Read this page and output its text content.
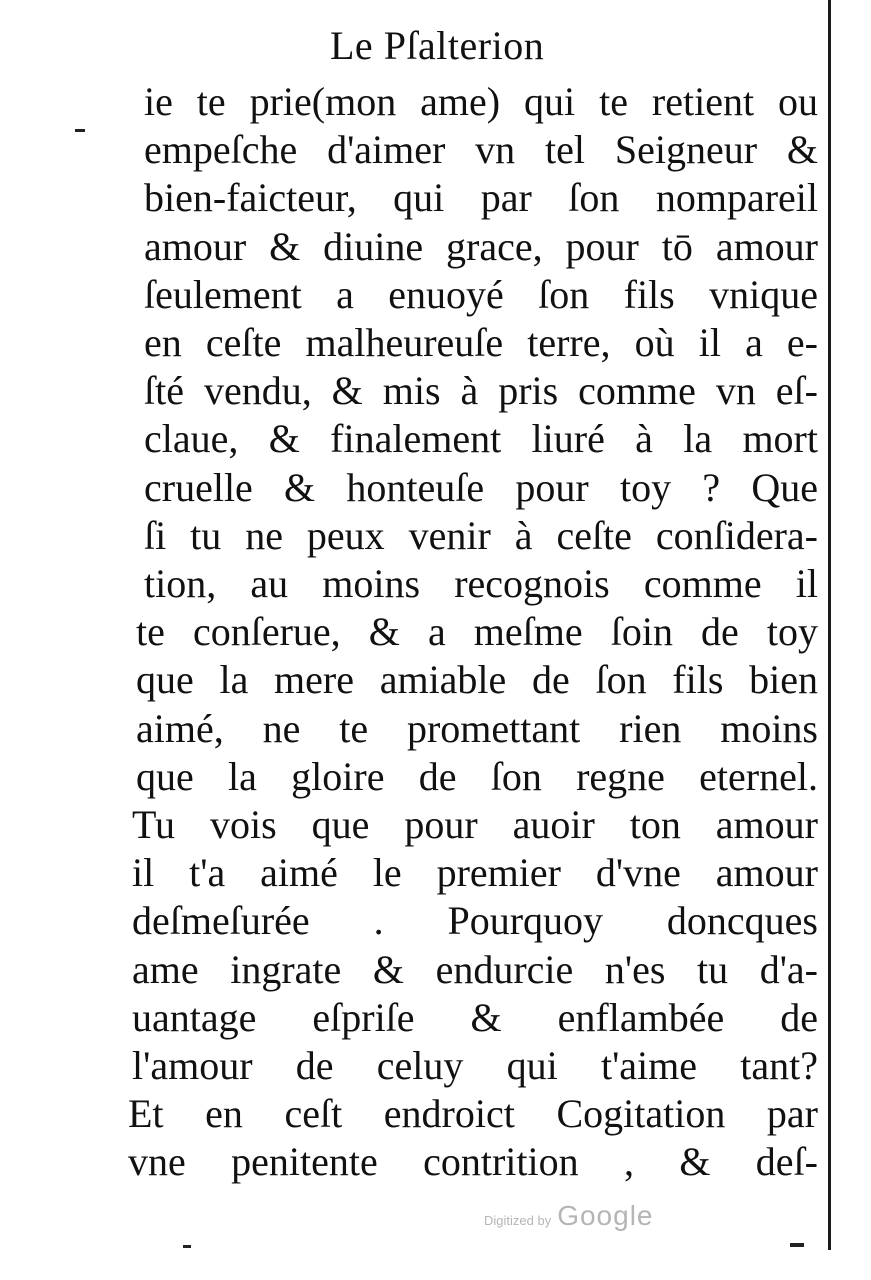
Le Pſalterion
ie te prie(mon ame) qui te retient ou
empeſche d'aimer vn tel Seigneur &
bien-faicteur, qui par ſon nompareil
amour & diuine grace, pour tō amour
ſeulement a enuoyé ſon fils vnique
en ceſte malheureuſe terre, où il a e-
ſté vendu, & mis à pris comme vn eſ-
claue, & finalement liuré à la mort
cruelle & honteuſe pour toy ? Que
ſi tu ne peux venir à ceſte conſidera-
tion, au moins recognois comme il
te conſerue, & a meſme ſoin de toy
que la mere amiable de ſon fils bien
aimé, ne te promettant rien moins
que la gloire de ſon regne eternel.
Tu vois que pour auoir ton amour
il t'a aimé le premier d'vne amour
deſmeſurée . Pourquoy doncques
ame ingrate & endurcie n'es tu d'a-
uantage eſpriſe & enflambée de
l'amour de celuy qui t'aime tant?
Et en ceſt endroict Cogitation par
vne penitente contrition , & deſ-
Digitized by Google
